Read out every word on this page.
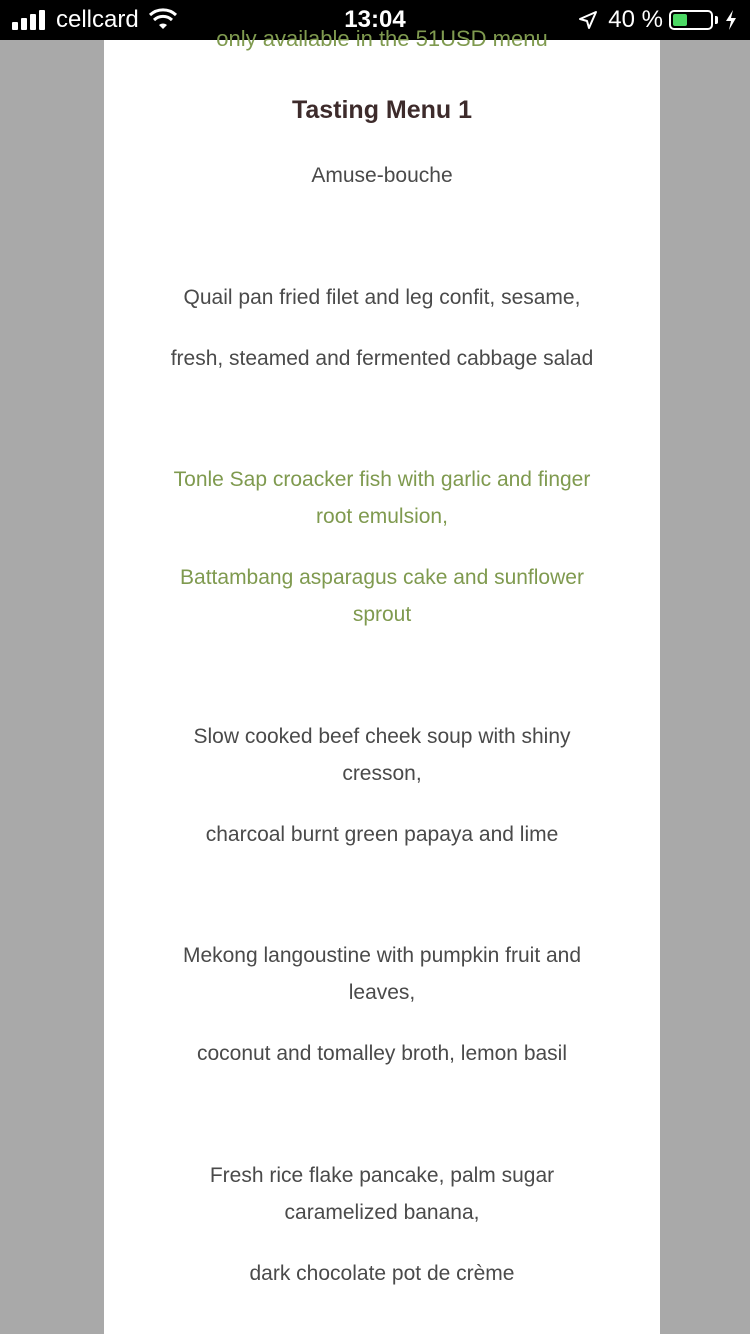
cellcard	13:04	40 %
only available in the 51USD menu
Tasting Menu 1
Amuse-bouche
Quail pan fried filet and leg confit, sesame,
fresh, steamed and fermented cabbage salad
Tonle Sap croacker fish with garlic and finger
root emulsion,
Battambang asparagus cake and sunflower
sprout
Slow cooked beef cheek soup with shiny
cresson,
charcoal burnt green papaya and lime
Mekong langoustine with pumpkin fruit and
leaves,
coconut and tomalley broth, lemon basil
Fresh rice flake pancake, palm sugar
caramelized banana,
dark chocolate pot de crème
